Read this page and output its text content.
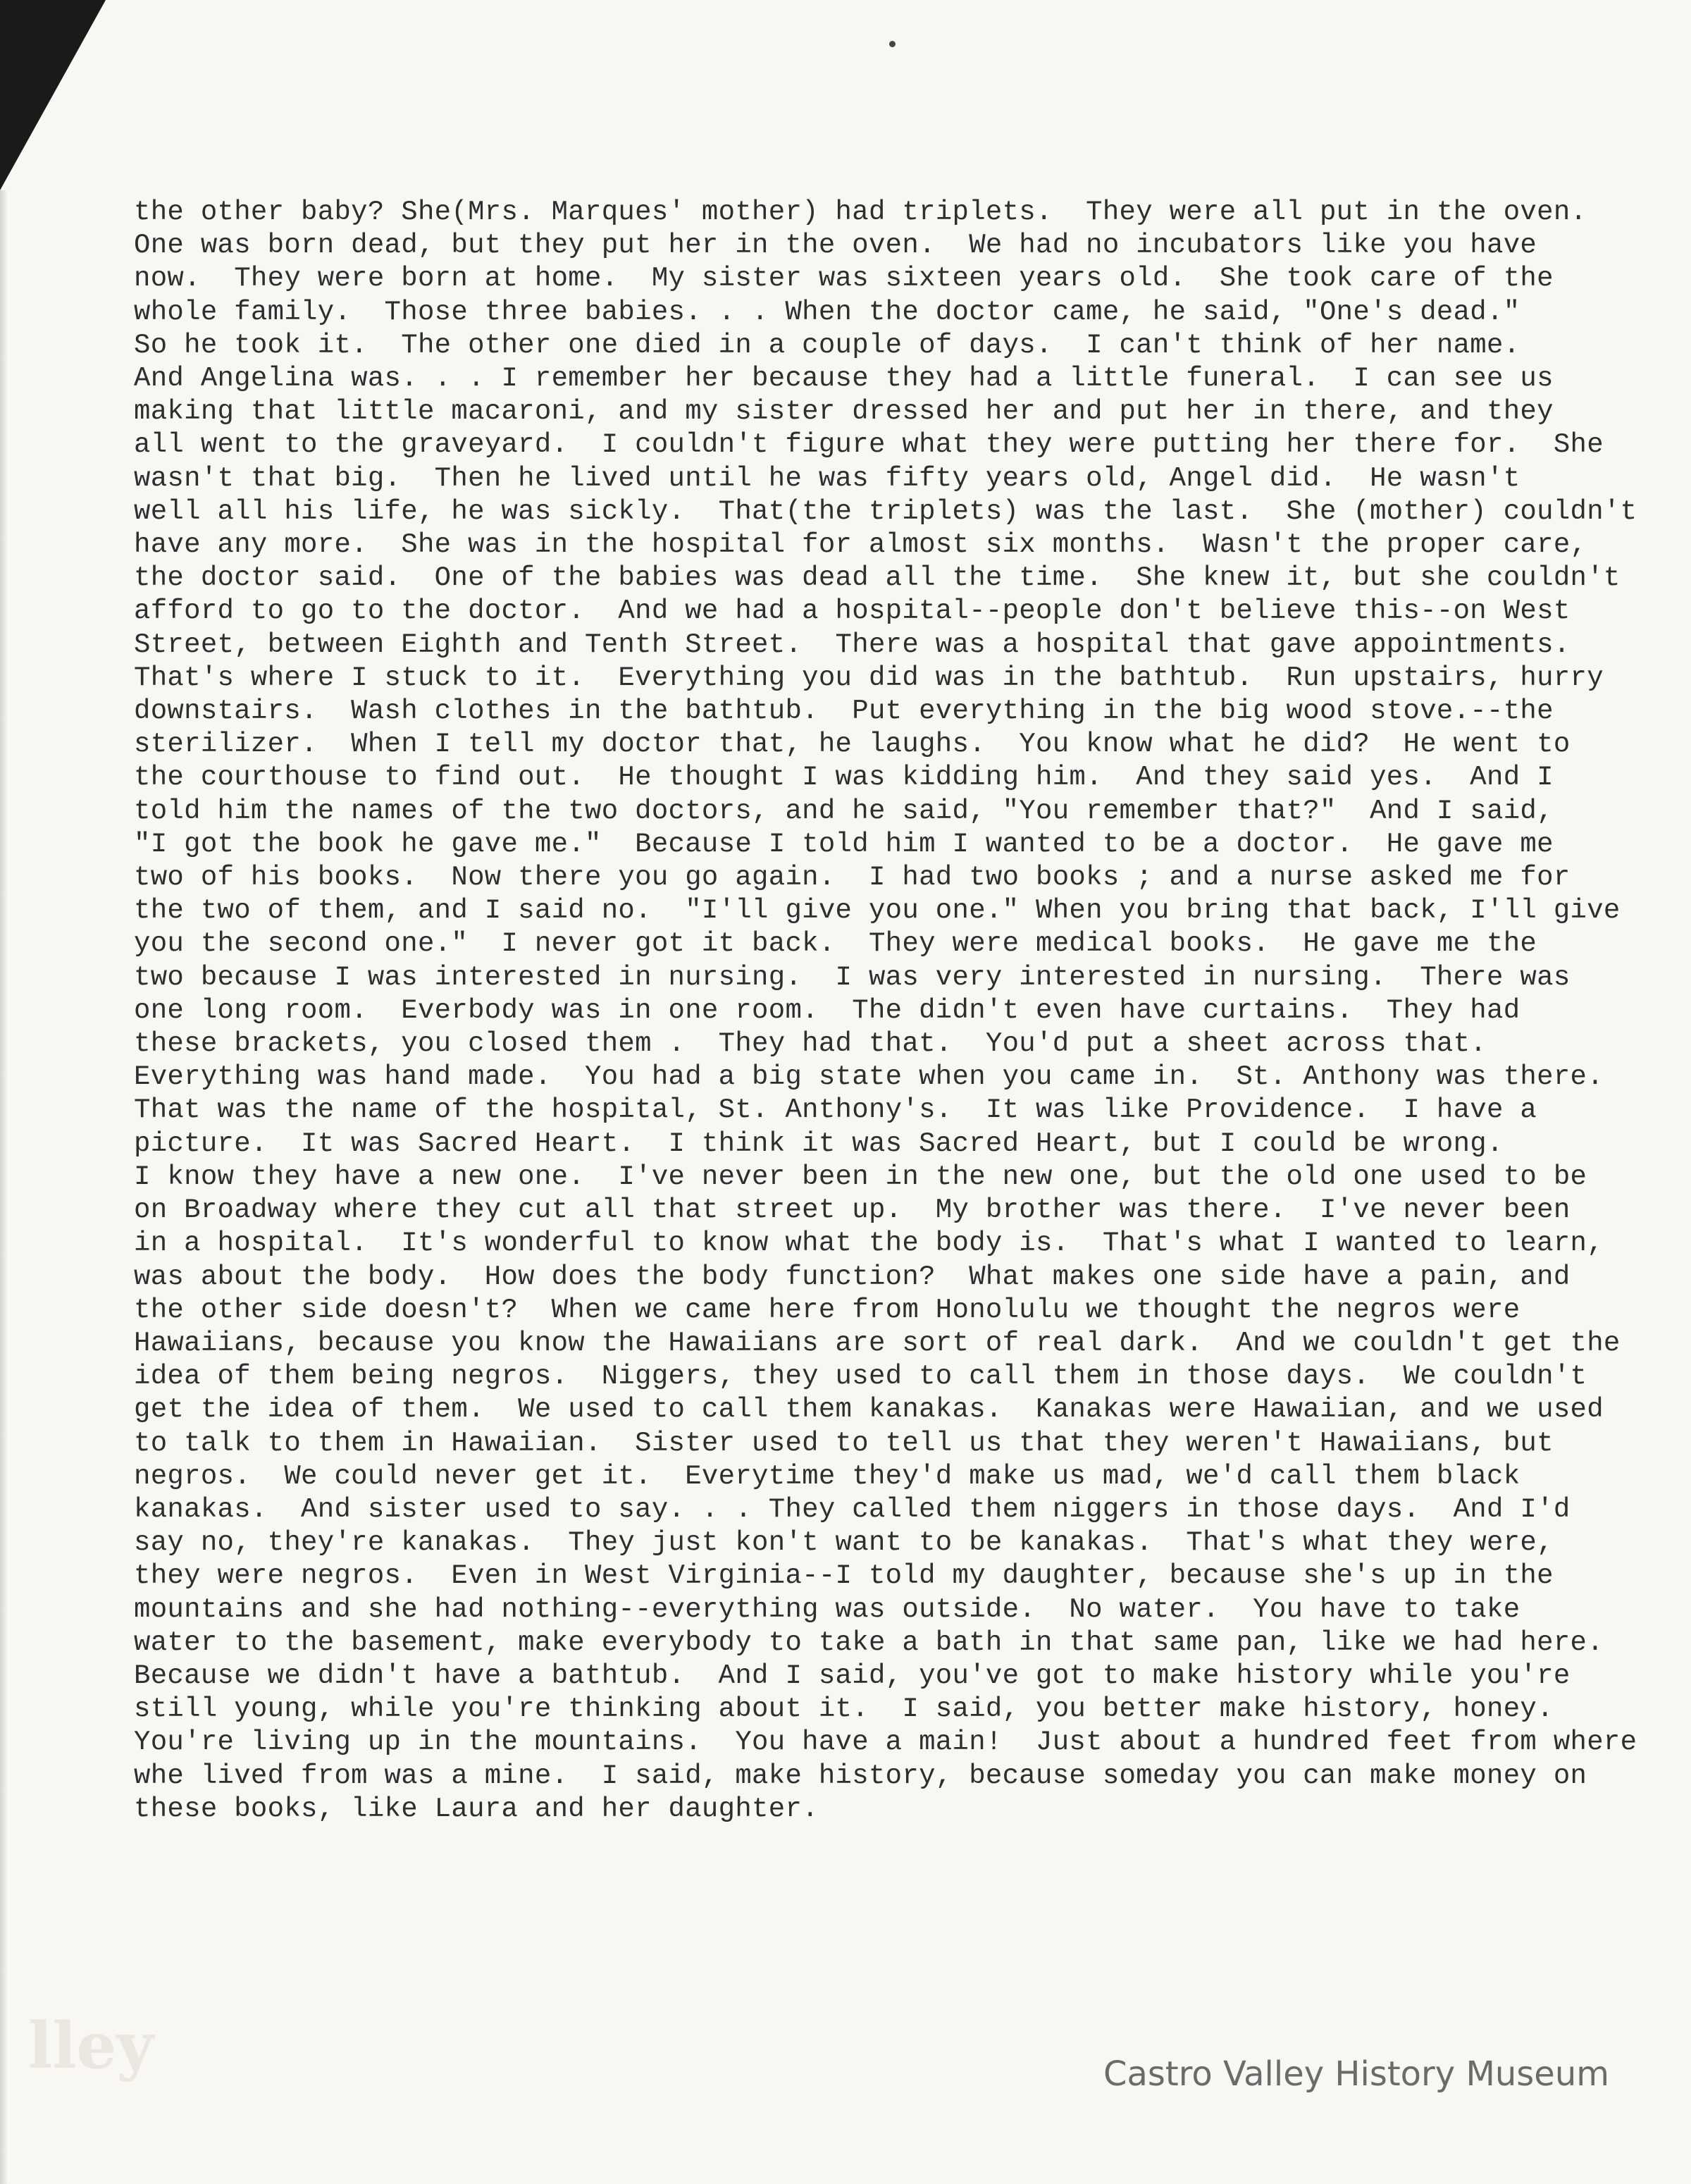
lley
the other baby? She(Mrs. Marques' mother) had triplets.  They were all put in the oven.
One was born dead, but they put her in the oven.  We had no incubators like you have
now.  They were born at home.  My sister was sixteen years old.  She took care of the
whole family.  Those three babies. . . When the doctor came, he said, "One's dead."
So he took it.  The other one died in a couple of days.  I can't think of her name.
And Angelina was. . . I remember her because they had a little funeral.  I can see us
making that little macaroni, and my sister dressed her and put her in there, and they
all went to the graveyard.  I couldn't figure what they were putting her there for.  She
wasn't that big.  Then he lived until he was fifty years old, Angel did.  He wasn't
well all his life, he was sickly.  That(the triplets) was the last.  She (mother) couldn't
have any more.  She was in the hospital for almost six months.  Wasn't the proper care,
the doctor said.  One of the babies was dead all the time.  She knew it, but she couldn't
afford to go to the doctor.  And we had a hospital--people don't believe this--on West
Street, between Eighth and Tenth Street.  There was a hospital that gave appointments.
That's where I stuck to it.  Everything you did was in the bathtub.  Run upstairs, hurry
downstairs.  Wash clothes in the bathtub.  Put everything in the big wood stove.--the
sterilizer.  When I tell my doctor that, he laughs.  You know what he did?  He went to
the courthouse to find out.  He thought I was kidding him.  And they said yes.  And I
told him the names of the two doctors, and he said, "You remember that?"  And I said,
"I got the book he gave me."  Because I told him I wanted to be a doctor.  He gave me
two of his books.  Now there you go again.  I had two books ; and a nurse asked me for
the two of them, and I said no.  "I'll give you one." When you bring that back, I'll give
you the second one."  I never got it back.  They were medical books.  He gave me the
two because I was interested in nursing.  I was very interested in nursing.  There was
one long room.  Everbody was in one room.  The didn't even have curtains.  They had
these brackets, you closed them .  They had that.  You'd put a sheet across that.
Everything was hand made.  You had a big state when you came in.  St. Anthony was there.
That was the name of the hospital, St. Anthony's.  It was like Providence.  I have a
picture.  It was Sacred Heart.  I think it was Sacred Heart, but I could be wrong.
I know they have a new one.  I've never been in the new one, but the old one used to be
on Broadway where they cut all that street up.  My brother was there.  I've never been
in a hospital.  It's wonderful to know what the body is.  That's what I wanted to learn,
was about the body.  How does the body function?  What makes one side have a pain, and
the other side doesn't?  When we came here from Honolulu we thought the negros were
Hawaiians, because you know the Hawaiians are sort of real dark.  And we couldn't get the
idea of them being negros.  Niggers, they used to call them in those days.  We couldn't
get the idea of them.  We used to call them kanakas.  Kanakas were Hawaiian, and we used
to talk to them in Hawaiian.  Sister used to tell us that they weren't Hawaiians, but
negros.  We could never get it.  Everytime they'd make us mad, we'd call them black
kanakas.  And sister used to say. . . They called them niggers in those days.  And I'd
say no, they're kanakas.  They just kon't want to be kanakas.  That's what they were,
they were negros.  Even in West Virginia--I told my daughter, because she's up in the
mountains and she had nothing--everything was outside.  No water.  You have to take
water to the basement, make everybody to take a bath in that same pan, like we had here.
Because we didn't have a bathtub.  And I said, you've got to make history while you're
still young, while you're thinking about it.  I said, you better make history, honey.
You're living up in the mountains.  You have a main!  Just about a hundred feet from where
whe lived from was a mine.  I said, make history, because someday you can make money on
these books, like Laura and her daughter.

Castro Valley History Museum
